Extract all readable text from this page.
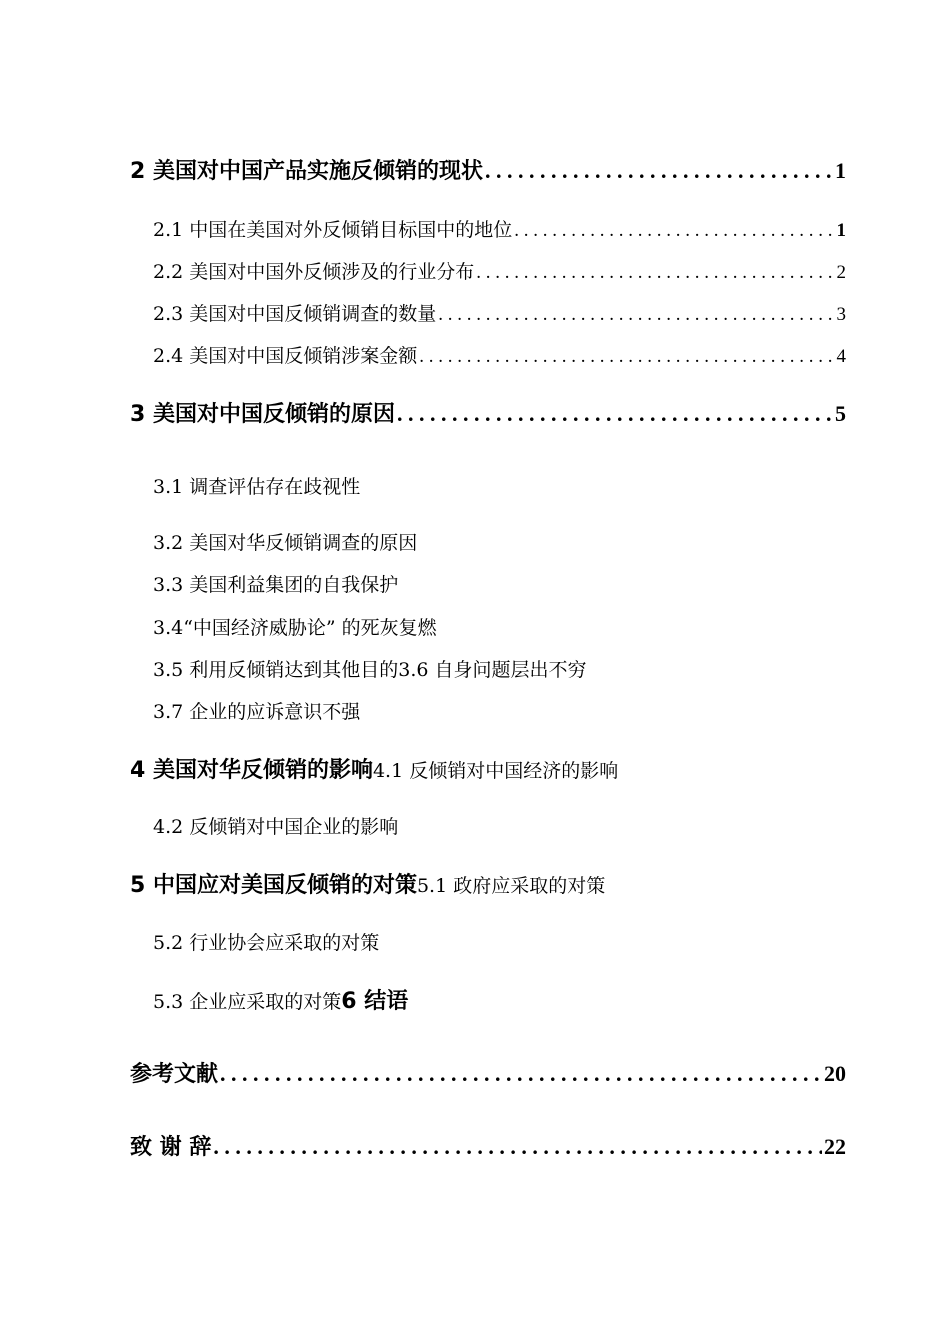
2 美国对中国产品实施反倾销的现状 . . .	1
2.1 中国在美国对外反倾销目标国中的地位 . . .	1
2.2 美国对中国外反倾涉及的行业分布 . . .	2
2.3 美国对中国反倾销调查的数量 . . .	3
2.4 美国对中国反倾销涉案金额 . . .	4
3 美国对中国反倾销的原因 . . .	5
3.1 调查评估存在歧视性
3.2 美国对华反倾销调查的原因
3.3 美国利益集团的自我保护
3.4“中国经济威胁论” 的死灰复燃
3.5 利用反倾销达到其他目的3.6 自身问题层出不穷
3.7 企业的应诉意识不强
4 美国对华反倾销的影响 4.1 反倾销对中国经济的影响
4.2 反倾销对中国企业的影响
5 中国应对美国反倾销的对策 5.1 政府应采取的对策
5.2 行业协会应采取的对策
5.3 企业应采取的对策 6 结语
参考文献 . . .	20
致 谢 辞 . . .	22
